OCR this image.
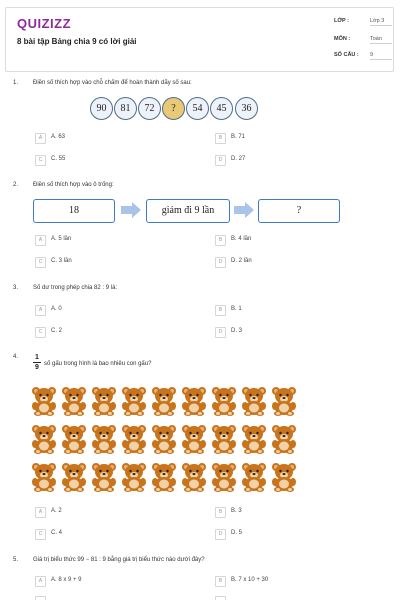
QUIZIZZ
8 bài tập Bảng chia 9 có lời giải
LỚP :	Lớp 3
MÔN :	Toán
SỐ CÂU : 9
1. Điền số thích hợp vào chỗ chấm để hoàn thành dãy số sau:
90	81	72	?	54	45	36
A	A. 63	B	B. 71
C	C. 55	D	D. 27
2. Điền số thích hợp vào ô trống:
18	giảm đi 9 lần	?
A	A. 5 lần	B	B. 4 lần
C	C. 3 lần	D	D. 2 lần
3. Số dư trong phép chia 82 : 9 là:
A	A. 0	B	B. 1
C	C. 2	D	D. 3
4. 1
9 số gấu trong hình là bao nhiêu con gấu?
A	A. 2	B	B. 3
C	C. 4	D	D. 5
5. Giá trị biểu thức 99 − 81 : 9 bằng giá trị biểu thức nào dưới đây?
A	A. 8 x 9 + 9	B	B. 7 x 10 + 30
